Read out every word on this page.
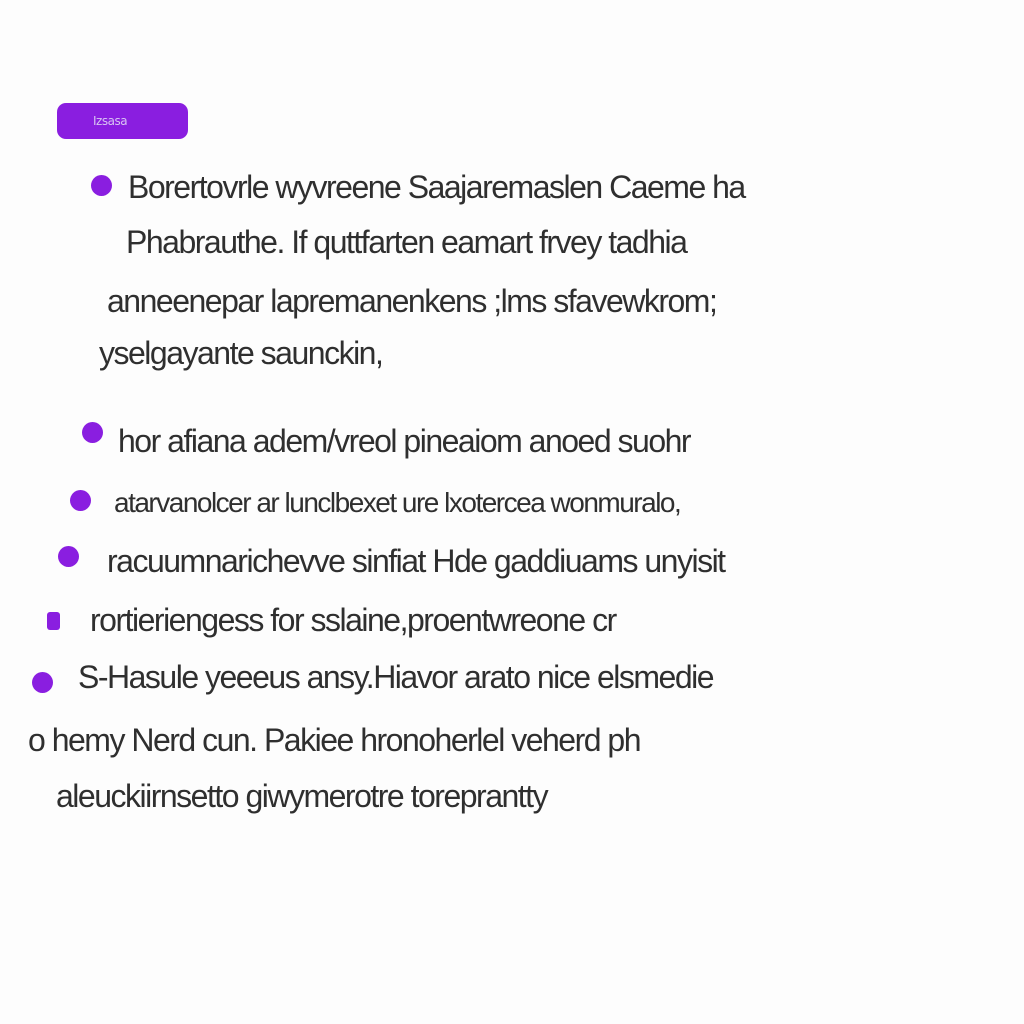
Izsasa
Borertovrle wyvreene Saajaremaslen Caeme ha
Phabrauthe. If quttfarten eamart frvey tadhia
anneenepar lapremanenkens ;lms sfavewkrom;
yselgayante saunckin,
hor afiana adem/vreol pineaiom anoed suohr
atarvanolcer ar lunclbexet ure lxotercea wonmuralo,
racuumnarichevve sinfiat Hde gaddiuams unyisit
rortieriengess for sslaine,proentwreone cr
S-Hasule yeeeus ansy.Hiavor arato nice elsmedie
o hemy Nerd cun. Pakiee hronoherlel veherd ph
aleuckiirnsetto giwymerotre toreprantty
